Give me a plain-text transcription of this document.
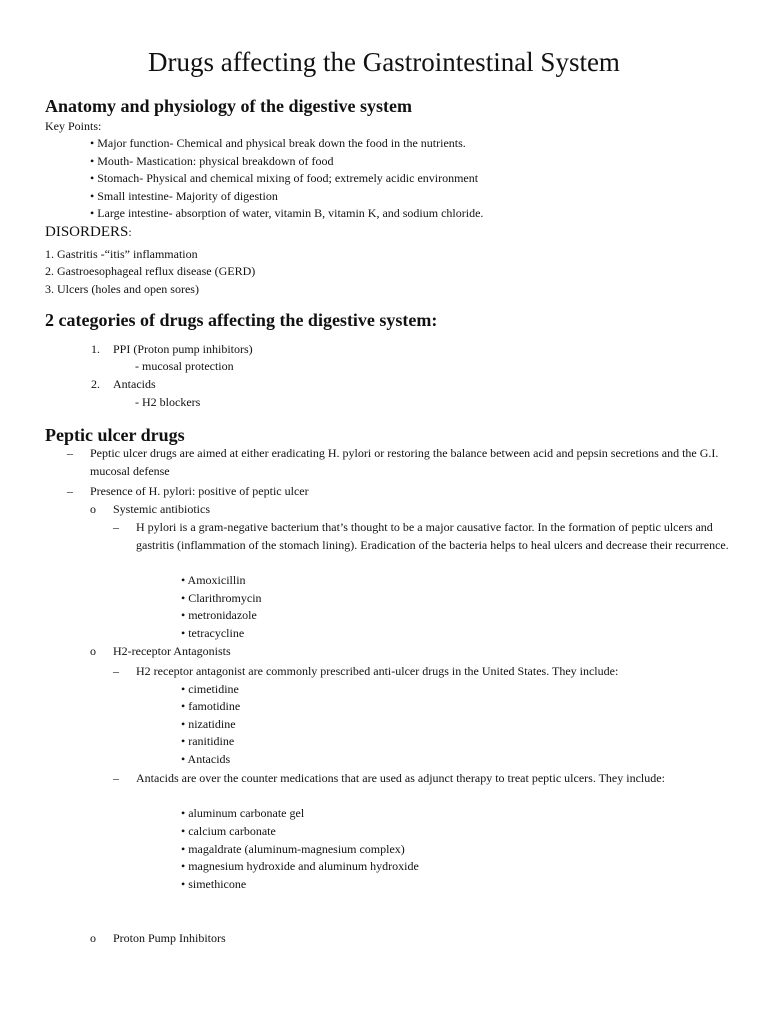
Drugs affecting the Gastrointestinal System
Anatomy and physiology of the digestive system
Key Points:
• Major function- Chemical and physical break down the food in the nutrients.
• Mouth- Mastication: physical breakdown of food
• Stomach- Physical and chemical mixing of food; extremely acidic environment
• Small intestine- Majority of digestion
• Large intestine- absorption of water, vitamin B, vitamin K, and sodium chloride.
DISORDERS:
1. Gastritis -“itis” inflammation
2. Gastroesophageal reflux disease (GERD)
3. Ulcers (holes and open sores)
2 categories of drugs affecting the digestive system:
1. PPI (Proton pump inhibitors)
- mucosal protection
2. Antacids
- H2 blockers
Peptic ulcer drugs
– Peptic ulcer drugs are aimed at either eradicating H. pylori or restoring the balance between acid and pepsin secretions and the G.I. mucosal defense
– Presence of H. pylori: positive of peptic ulcer
o Systemic antibiotics
– H pylori is a gram-negative bacterium that’s thought to be a major causative factor. In the formation of peptic ulcers and gastritis (inflammation of the stomach lining). Eradication of the bacteria helps to heal ulcers and decrease their recurrence.
• Amoxicillin
• Clarithromycin
• metronidazole
• tetracycline
o H2-receptor Antagonists
– H2 receptor antagonist are commonly prescribed anti-ulcer drugs in the United States. They include:
• cimetidine
• famotidine
• nizatidine
• ranitidine
• Antacids
– Antacids are over the counter medications that are used as adjunct therapy to treat peptic ulcers. They include:
• aluminum carbonate gel
• calcium carbonate
• magaldrate (aluminum-magnesium complex)
• magnesium hydroxide and aluminum hydroxide
• simethicone
o Proton Pump Inhibitors
